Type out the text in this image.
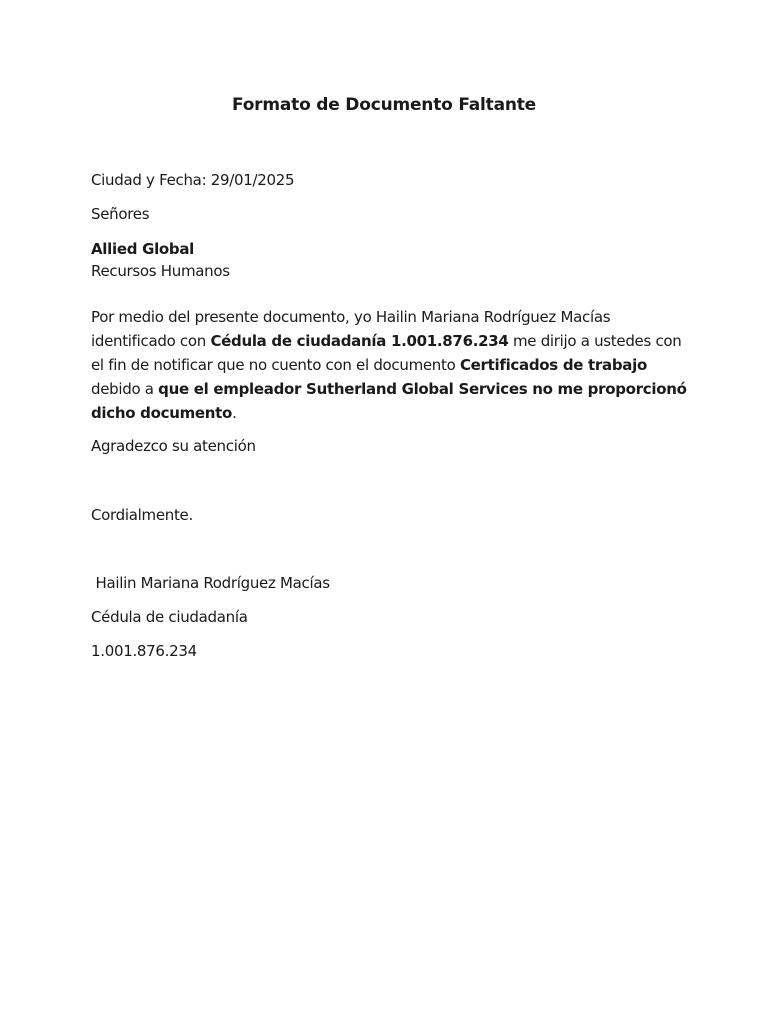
Formato de Documento Faltante
Ciudad y Fecha: 29/01/2025
Señores
Allied Global
Recursos Humanos
Por medio del presente documento, yo Hailin Mariana Rodríguez Macías identificado con Cédula de ciudadanía 1.001.876.234 me dirijo a ustedes con el fin de notificar que no cuento con el documento Certificados de trabajo debido a que el empleador Sutherland Global Services no me proporcionó dicho documento.
Agradezco su atención
Cordialmente.
Hailin Mariana Rodríguez Macías
Cédula de ciudadanía
1.001.876.234
